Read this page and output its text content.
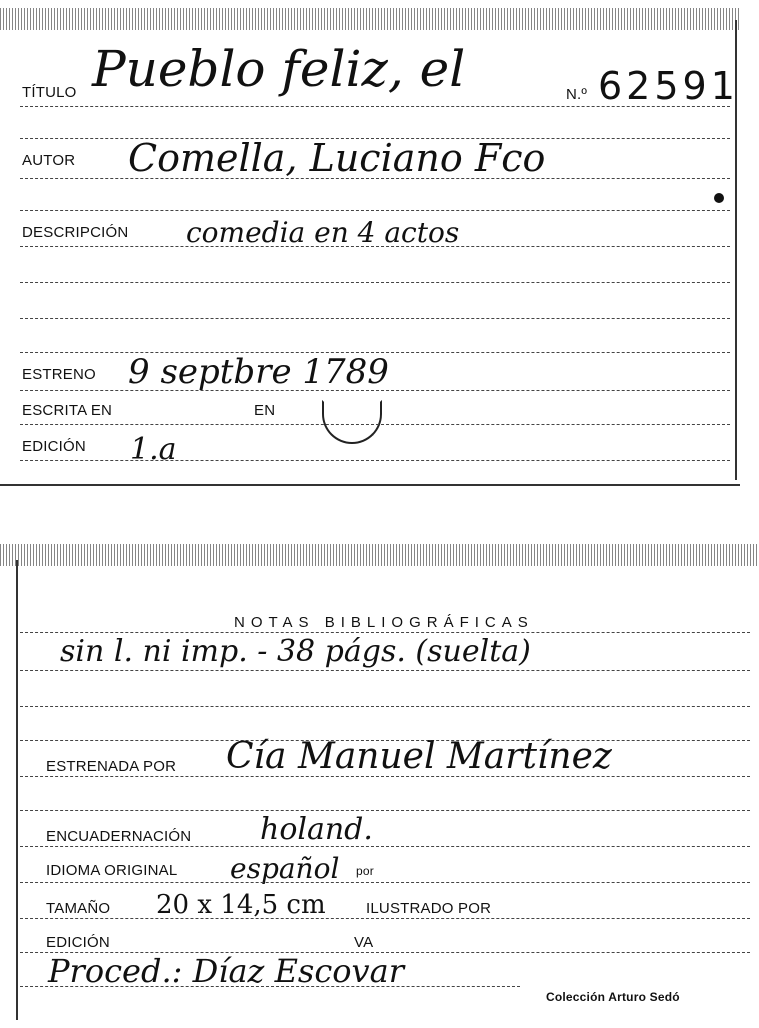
TÍTULO Pueblo feliz, el	N.º 62591
AUTOR Comella, Luciano Fco
DESCRIPCIÓN comedia en 4 actos
ESTRENO 9 septbre 1789
ESCRITA EN	EN
EDICIÓN 1.a
NOTAS BIBLIOGRÁFICAS
sin l. ni imp. - 38 págs. (suelta)
ESTRENADA POR Cía Manuel Martínez
ENCUADERNACIÓN holand.
IDIOMA ORIGINAL español por
TAMAÑO 20 x 14,5 cm	ILUSTRADO POR
EDICIÓN	VA
Proced.: Díaz Escovar
Colección Arturo Sedó
